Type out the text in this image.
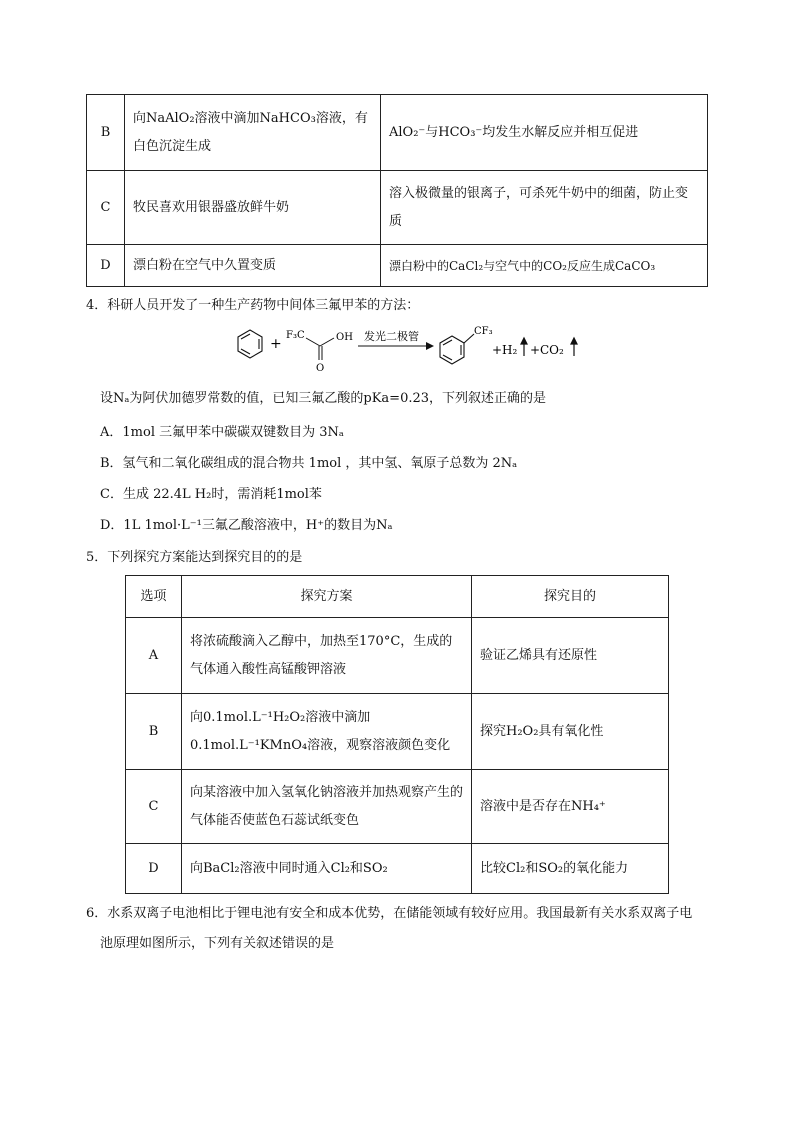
B	向NaAlO₂溶液中滴加NaHCO₃溶液，有白色沉淀生成	AlO₂⁻与HCO₃⁻均发生水解反应并相互促进
C	牧民喜欢用银器盛放鲜牛奶	溶入极微量的银离子，可杀死牛奶中的细菌，防止变质
D	漂白粉在空气中久置变质	漂白粉中的CaCl₂与空气中的CO₂反应生成CaCO₃
4．科研人员开发了一种生产药物中间体三氟甲苯的方法：
+
F₃C	OH
O
发光二极管	CF₃
+ H₂ + CO₂
设Nₐ为阿伏加德罗常数的值，已知三氟乙酸的pKa=0.23，下列叙述正确的是
A．1mol 三氟甲苯中碳碳双键数目为 3Nₐ
B．氢气和二氧化碳组成的混合物共 1mol ，其中氢、氧原子总数为 2Nₐ
C．生成 22.4L H₂时，需消耗1mol苯
D．1L 1mol·L⁻¹三氟乙酸溶液中，H⁺的数目为Nₐ
5．下列探究方案能达到探究目的的是
选项	探究方案	探究目的
A	将浓硫酸滴入乙醇中，加热至170°C，生成的气体通入酸性高锰酸钾溶液	验证乙烯具有还原性
B	向0.1mol.L⁻¹H₂O₂溶液中滴加0.1mol.L⁻¹KMnO₄溶液，观察溶液颜色变化	探究H₂O₂具有氧化性
C	向某溶液中加入氢氧化钠溶液并加热观察产生的气体能否使蓝色石蕊试纸变色	溶液中是否存在NH₄⁺
D	向BaCl₂溶液中同时通入Cl₂和SO₂	比较Cl₂和SO₂的氧化能力
6．水系双离子电池相比于锂电池有安全和成本优势，在储能领域有较好应用。我国最新有关水系双离子电
池原理如图所示，下列有关叙述错误的是
